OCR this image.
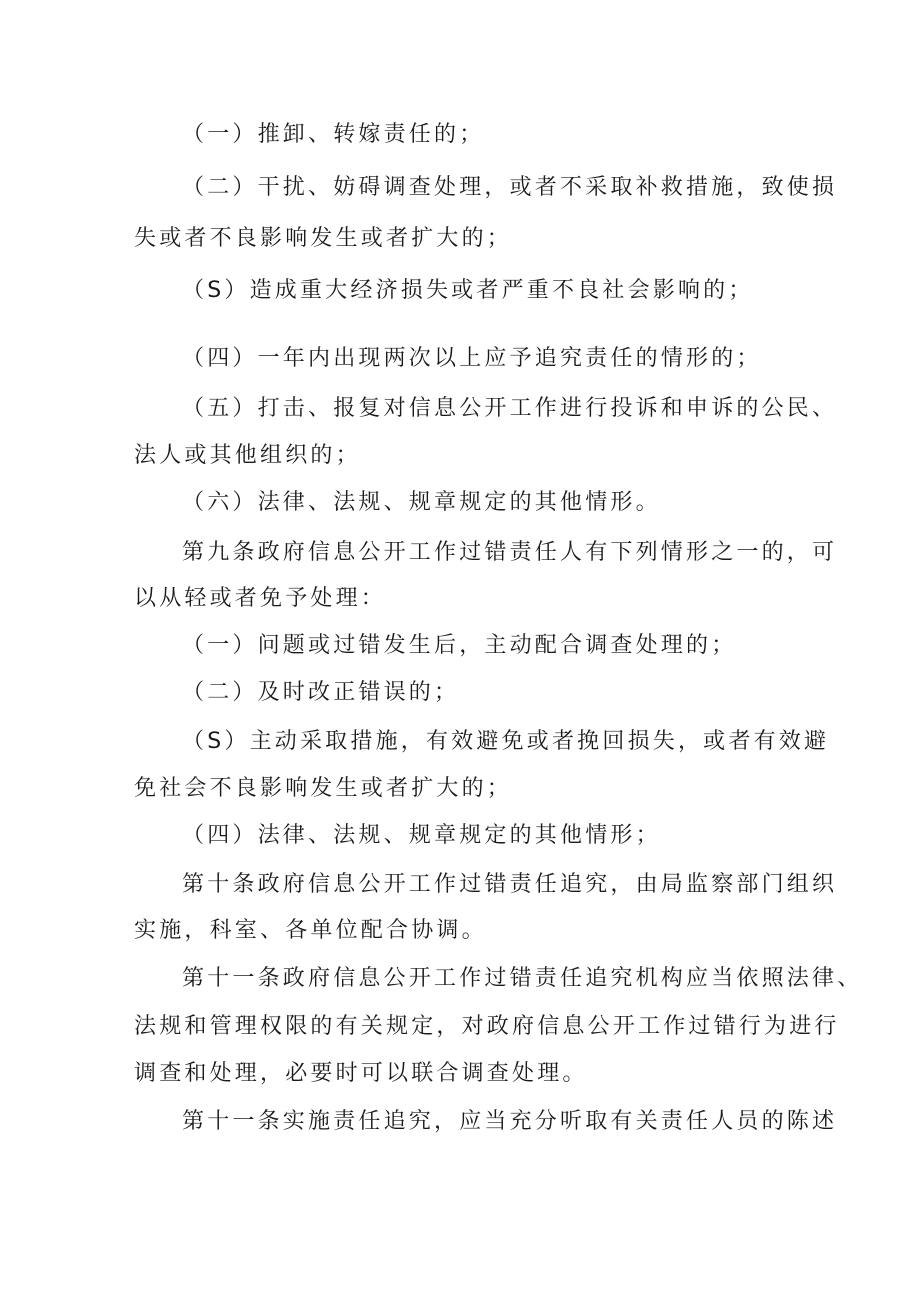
（一）推卸、转嫁责任的；
（二）干扰、妨碍调查处理，或者不采取补救措施，致使损
失或者不良影响发生或者扩大的；
（S）造成重大经济损失或者严重不良社会影响的；
（四）一年内出现两次以上应予追究责任的情形的；
（五）打击、报复对信息公开工作进行投诉和申诉的公民、
法人或其他组织的；
（六）法律、法规、规章规定的其他情形。
第九条政府信息公开工作过错责任人有下列情形之一的，可
以从轻或者免予处理：
（一）问题或过错发生后，主动配合调查处理的；
（二）及时改正错误的；
（S）主动采取措施，有效避免或者挽回损失，或者有效避
免社会不良影响发生或者扩大的；
（四）法律、法规、规章规定的其他情形；
第十条政府信息公开工作过错责任追究，由局监察部门组织
实施，科室、各单位配合协调。
第十一条政府信息公开工作过错责任追究机构应当依照法律、
法规和管理权限的有关规定，对政府信息公开工作过错行为进行
调查和处理，必要时可以联合调查处理。
第十一条实施责任追究，应当充分听取有关责任人员的陈述
